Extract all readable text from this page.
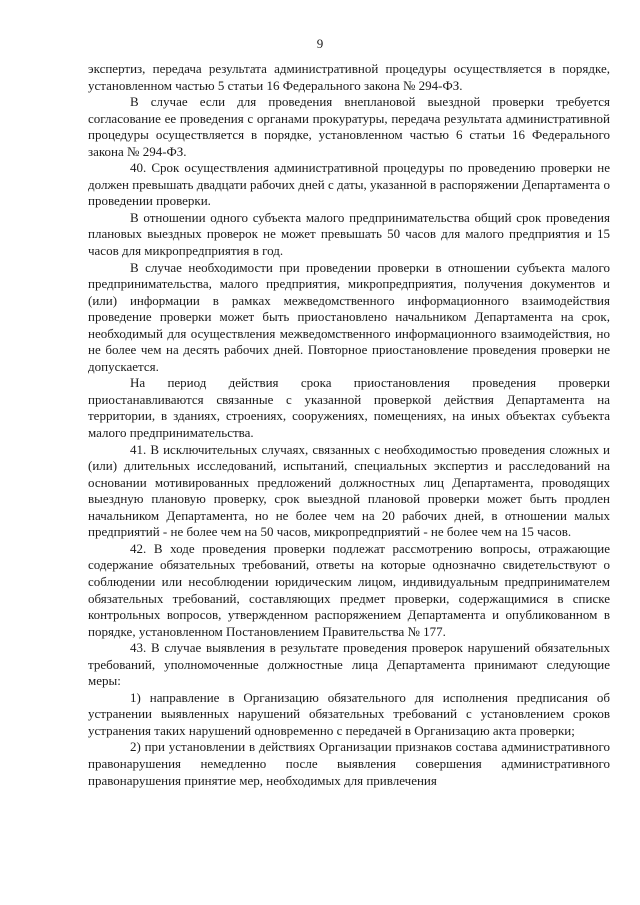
9

экспертиз, передача результата административной процедуры осуществляется в порядке, установленном частью 5 статьи 16 Федерального закона № 294-ФЗ.

В случае если для проведения внеплановой выездной проверки требуется согласование ее проведения с органами прокуратуры, передача результата административной процедуры осуществляется в порядке, установленном частью 6 статьи 16 Федерального закона № 294-ФЗ.

40. Срок осуществления административной процедуры по проведению проверки не должен превышать двадцати рабочих дней с даты, указанной в распоряжении Департамента о проведении проверки.

В отношении одного субъекта малого предпринимательства общий срок проведения плановых выездных проверок не может превышать 50 часов для малого предприятия и 15 часов для микропредприятия в год.

В случае необходимости при проведении проверки в отношении субъекта малого предпринимательства, малого предприятия, микропредприятия, получения документов и (или) информации в рамках межведомственного информационного взаимодействия проведение проверки может быть приостановлено начальником Департамента на срок, необходимый для осуществления межведомственного информационного взаимодействия, но не более чем на десять рабочих дней. Повторное приостановление проведения проверки не допускается.

На период действия срока приостановления проведения проверки приостанавливаются связанные с указанной проверкой действия Департамента на территории, в зданиях, строениях, сооружениях, помещениях, на иных объектах субъекта малого предпринимательства.

41. В исключительных случаях, связанных с необходимостью проведения сложных и (или) длительных исследований, испытаний, специальных экспертиз и расследований на основании мотивированных предложений должностных лиц Департамента, проводящих выездную плановую проверку, срок выездной плановой проверки может быть продлен начальником Департамента, но не более чем на 20 рабочих дней, в отношении малых предприятий - не более чем на 50 часов, микропредприятий - не более чем на 15 часов.

42. В ходе проведения проверки подлежат рассмотрению вопросы, отражающие содержание обязательных требований, ответы на которые однозначно свидетельствуют о соблюдении или несоблюдении юридическим лицом, индивидуальным предпринимателем обязательных требований, составляющих предмет проверки, содержащимися в списке контрольных вопросов, утвержденном распоряжением Департамента и опубликованном в порядке, установленном Постановлением Правительства № 177.

43. В случае выявления в результате проведения проверок нарушений обязательных требований, уполномоченные должностные лица Департамента принимают следующие меры:

1) направление в Организацию обязательного для исполнения предписания об устранении выявленных нарушений обязательных требований с установлением сроков устранения таких нарушений одновременно с передачей в Организацию акта проверки;

2) при установлении в действиях Организации признаков состава административного правонарушения немедленно после выявления совершения административного правонарушения принятие мер, необходимых для привлечения
